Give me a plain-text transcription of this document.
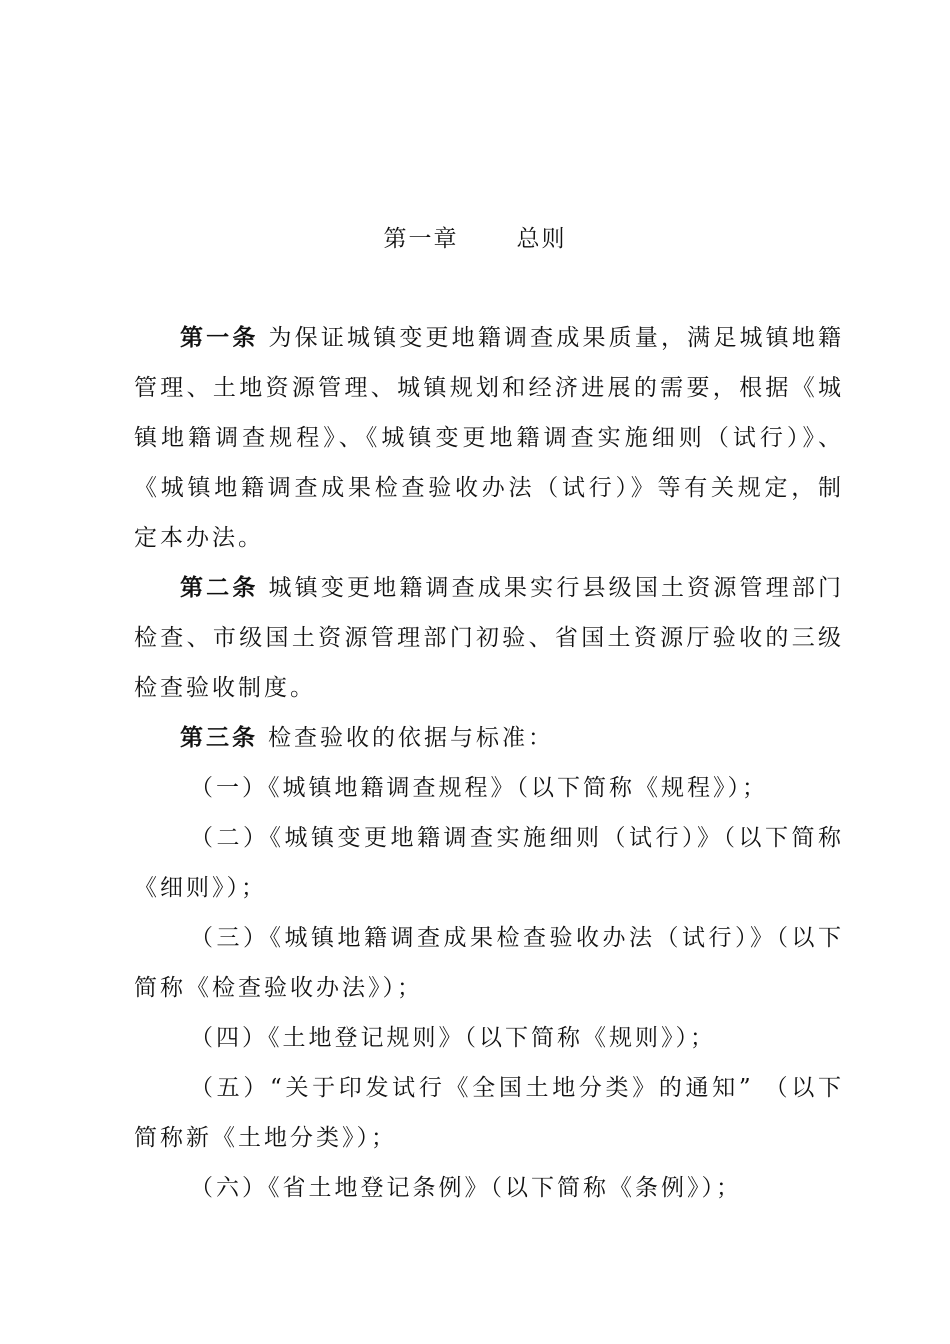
第一章	总则

第一条 为保证城镇变更地籍调查成果质量，满足城镇地籍管理、土地资源管理、城镇规划和经济进展的需要，根据《城镇地籍调查规程》、《城镇变更地籍调查实施细则（试行）》、《城镇地籍调查成果检查验收办法（试行）》等有关规定，制定本办法。

第二条 城镇变更地籍调查成果实行县级国土资源管理部门检查、市级国土资源管理部门初验、省国土资源厅验收的三级检查验收制度。

第三条 检查验收的依据与标准：

（一）《城镇地籍调查规程》（以下简称《规程》）；

（二）《城镇变更地籍调查实施细则（试行）》（以下简称《细则》）；

（三）《城镇地籍调查成果检查验收办法（试行）》（以下简称《检查验收办法》）；

（四）《土地登记规则》（以下简称《规则》）；

（五）“关于印发试行《全国土地分类》的通知” （以下简称新《土地分类》）；

（六）《省土地登记条例》（以下简称《条例》）；
